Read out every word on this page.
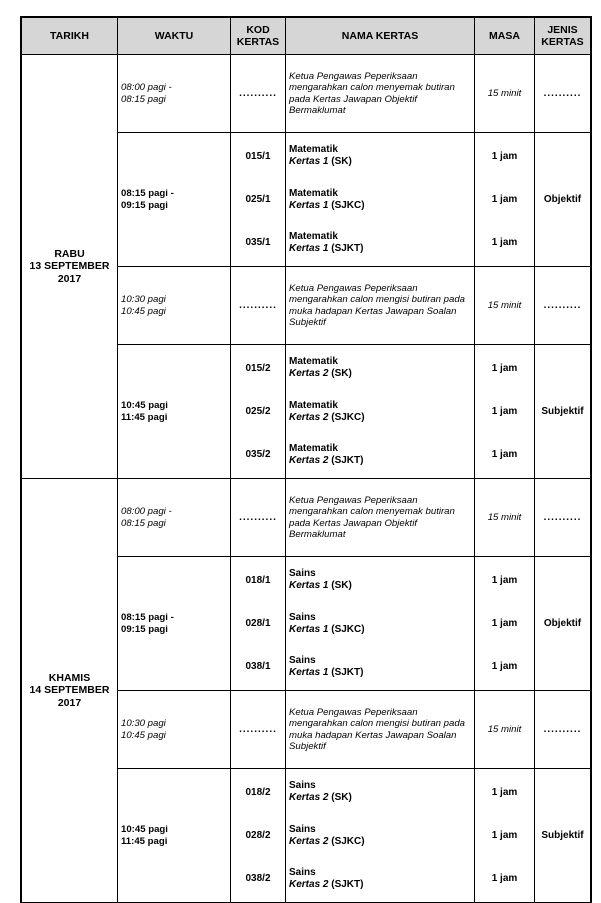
TARIKH	WAKTU	KOD
KERTAS	NAMA KERTAS	MASA	JENIS
KERTAS
RABU
13 SEPTEMBER
2017	08:00 pagi -
08:15 pagi	..........	Ketua Pengawas Peperiksaan mengarahkan calon menyemak butiran pada Kertas Jawapan Objektif Bermaklumat	15 minit	..........
	08:15 pagi -
09:15 pagi	015/1	Matematik
Kertas 1 (SK)	1 jam	Objektif
		025/1	Matematik
Kertas 1 (SJKC)	1 jam	
		035/1	Matematik
Kertas 1 (SJKT)	1 jam	
	10:30 pagi
10:45 pagi	..........	Ketua Pengawas Peperiksaan mengarahkan calon mengisi butiran pada muka hadapan Kertas Jawapan Soalan Subjektif	15 minit	..........
	10:45 pagi
11:45 pagi	015/2	Matematik
Kertas 2 (SK)	1 jam	Subjektif
		025/2	Matematik
Kertas 2 (SJKC)	1 jam	
		035/2	Matematik
Kertas 2 (SJKT)	1 jam	
KHAMIS
14 SEPTEMBER
2017	08:00 pagi -
08:15 pagi	..........	Ketua Pengawas Peperiksaan mengarahkan calon menyemak butiran pada Kertas Jawapan Objektif Bermaklumat	15 minit	..........
	08:15 pagi -
09:15 pagi	018/1	Sains
Kertas 1 (SK)	1 jam	Objektif
		028/1	Sains
Kertas 1 (SJKC)	1 jam	
		038/1	Sains
Kertas 1 (SJKT)	1 jam	
	10:30 pagi
10:45 pagi	..........	Ketua Pengawas Peperiksaan mengarahkan calon mengisi butiran pada muka hadapan Kertas Jawapan Soalan Subjektif	15 minit	..........
	10:45 pagi
11:45 pagi	018/2	Sains
Kertas 2 (SK)	1 jam	Subjektif
		028/2	Sains
Kertas 2 (SJKC)	1 jam	
		038/2	Sains
Kertas 2 (SJKT)	1 jam	
